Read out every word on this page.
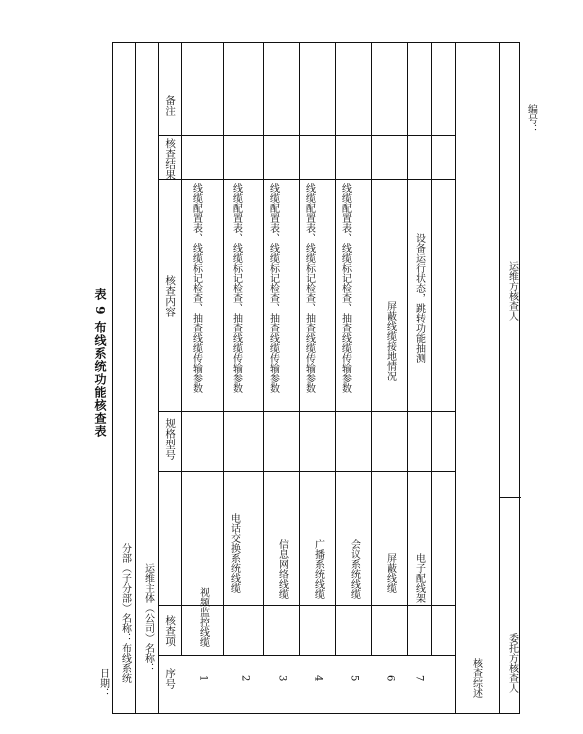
表 9 布线系统功能核查表
日期：
编号：
分部（子分部）名称：布线系统 运维主体（公司）名称：
序号
核查项
规格型号
核查内容
核查结果
备注
1
视频监控线缆
线缆配置表、线缆标记检查、抽查线缆传输参数
2
电话交换系统线缆
线缆配置表、线缆标记检查、抽查线缆传输参数
3
信息网络线缆
线缆配置表、线缆标记检查、抽查线缆传输参数
4
广播系统线缆
线缆配置表、线缆标记检查、抽查线缆传输参数
5
会议系统线缆
线缆配置表、线缆标记检查、抽查线缆传输参数
6
屏蔽线缆
屏蔽线缆接地情况
7
电子配线架
设备运行状态，跳转功能抽测
核查综述	委托方核查人
运维方核查人
